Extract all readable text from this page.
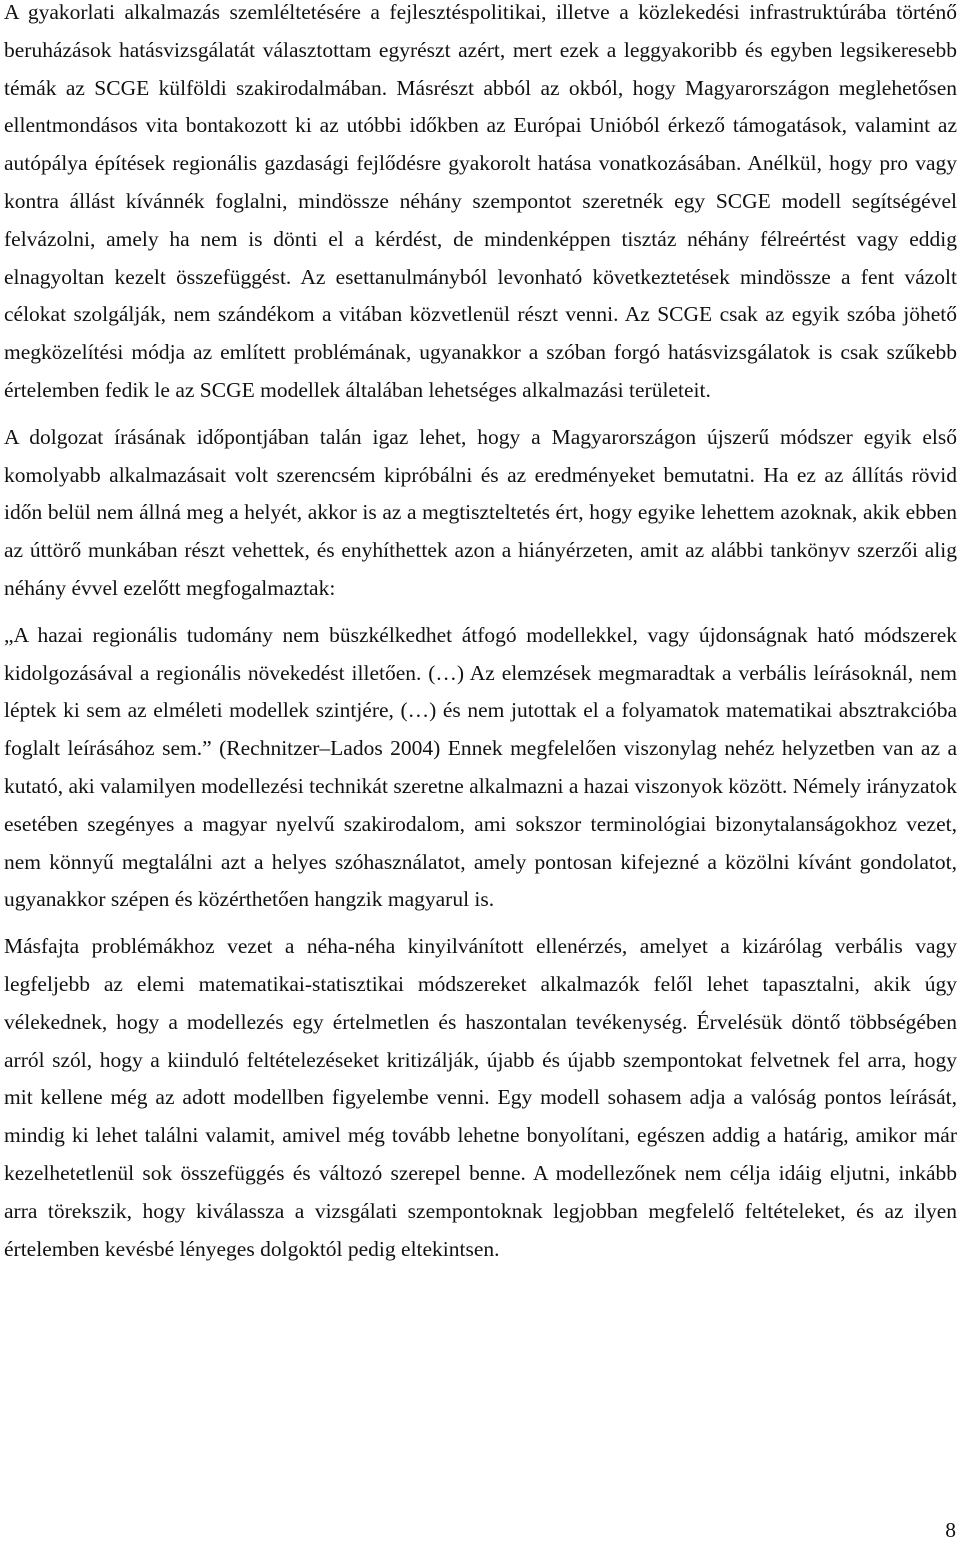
A gyakorlati alkalmazás szemléltetésére a fejlesztéspolitikai, illetve a közlekedési infrastruktúrába történő beruházások hatásvizsgálatát választottam egyrészt azért, mert ezek a leggyakoribb és egyben legsikeresebb témák az SCGE külföldi szakirodalmában. Másrészt abból az okból, hogy Magyarországon meglehetősen ellentmondásos vita bontakozott ki az utóbbi időkben az Európai Unióból érkező támogatások, valamint az autópálya építések regionális gazdasági fejlődésre gyakorolt hatása vonatkozásában. Anélkül, hogy pro vagy kontra állást kívánnék foglalni, mindössze néhány szempontot szeretnék egy SCGE modell segítségével felvázolni, amely ha nem is dönti el a kérdést, de mindenképpen tisztáz néhány félreértést vagy eddig elnagyoltan kezelt összefüggést. Az esettanulmányból levonható következtetések mindössze a fent vázolt célokat szolgálják, nem szándékom a vitában közvetlenül részt venni. Az SCGE csak az egyik szóba jöhető megközelítési módja az említett problémának, ugyanakkor a szóban forgó hatásvizsgálatok is csak szűkebb értelemben fedik le az SCGE modellek általában lehetséges alkalmazási területeit.

A dolgozat írásának időpontjában talán igaz lehet, hogy a Magyarországon újszerű módszer egyik első komolyabb alkalmazásait volt szerencsém kipróbálni és az eredményeket bemutatni. Ha ez az állítás rövid időn belül nem állná meg a helyét, akkor is az a megtiszteltetés ért, hogy egyike lehettem azoknak, akik ebben az úttörő munkában részt vehettek, és enyhíthettek azon a hiányérzeten, amit az alábbi tankönyv szerzői alig néhány évvel ezelőtt megfogalmaztak:

„A hazai regionális tudomány nem büszkélkedhet átfogó modellekkel, vagy újdonságnak ható módszerek kidolgozásával a regionális növekedést illetően. (…) Az elemzések megmaradtak a verbális leírásoknál, nem léptek ki sem az elméleti modellek szintjére, (…) és nem jutottak el a folyamatok matematikai absztrakcióba foglalt leírásához sem.” (Rechnitzer–Lados 2004) Ennek megfelelően viszonylag nehéz helyzetben van az a kutató, aki valamilyen modellezési technikát szeretne alkalmazni a hazai viszonyok között. Némely irányzatok esetében szegényes a magyar nyelvű szakirodalom, ami sokszor terminológiai bizonytalanságokhoz vezet, nem könnyű megtalálni azt a helyes szóhasználatot, amely pontosan kifejezné a közölni kívánt gondolatot, ugyanakkor szépen és közérthetően hangzik magyarul is.

Másfajta problémákhoz vezet a néha-néha kinyilvánított ellenérzés, amelyet a kizárólag verbális vagy legfeljebb az elemi matematikai-statisztikai módszereket alkalmazók felől lehet tapasztalni, akik úgy vélekednek, hogy a modellezés egy értelmetlen és haszontalan tevékenység. Érvelésük döntő többségében arról szól, hogy a kiinduló feltételezéseket kritizálják, újabb és újabb szempontokat felvetnek fel arra, hogy mit kellene még az adott modellben figyelembe venni. Egy modell sohasem adja a valóság pontos leírását, mindig ki lehet találni valamit, amivel még tovább lehetne bonyolítani, egészen addig a határig, amikor már kezelhetetlenül sok összefüggés és változó szerepel benne. A modellezőnek nem célja idáig eljutni, inkább arra törekszik, hogy kiválassza a vizsgálati szempontoknak legjobban megfelelő feltételeket, és az ilyen értelemben kevésbé lényeges dolgoktól pedig eltekintsen.

8
